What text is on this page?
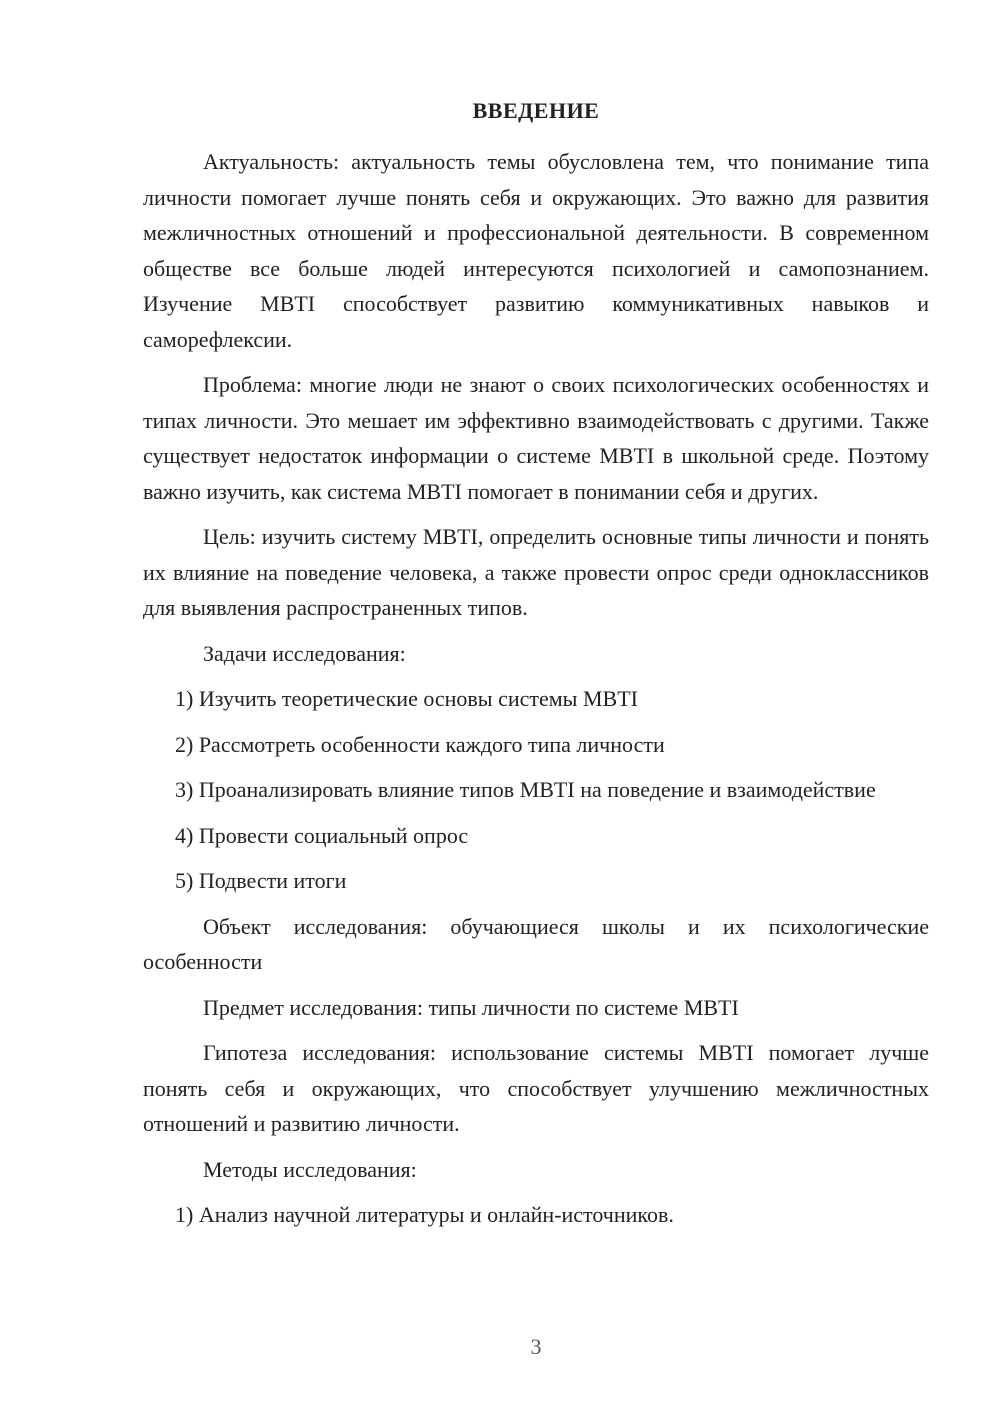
ВВЕДЕНИЕ

Актуальность: актуальность темы обусловлена тем, что понимание типа личности помогает лучше понять себя и окружающих. Это важно для развития межличностных отношений и профессиональной деятельности. В современном обществе все больше людей интересуются психологией и самопознанием. Изучение MBTI способствует развитию коммуникативных навыков и саморефлексии.

Проблема: многие люди не знают о своих психологических особенностях и типах личности. Это мешает им эффективно взаимодействовать с другими. Также существует недостаток информации о системе MBTI в школьной среде. Поэтому важно изучить, как система MBTI помогает в понимании себя и других.

Цель: изучить систему MBTI, определить основные типы личности и понять их влияние на поведение человека, а также провести опрос среди одноклассников для выявления распространенных типов.

Задачи исследования:

1) Изучить теоретические основы системы MBTI

2) Рассмотреть особенности каждого типа личности

3) Проанализировать влияние типов MBTI на поведение и взаимодействие

4) Провести социальный опрос

5) Подвести итоги

Объект исследования: обучающиеся школы и их психологические особенности

Предмет исследования: типы личности по системе MBTI

Гипотеза исследования: использование системы MBTI помогает лучше понять себя и окружающих, что способствует улучшению межличностных отношений и развитию личности.

Методы исследования:

1) Анализ научной литературы и онлайн-источников.

3
